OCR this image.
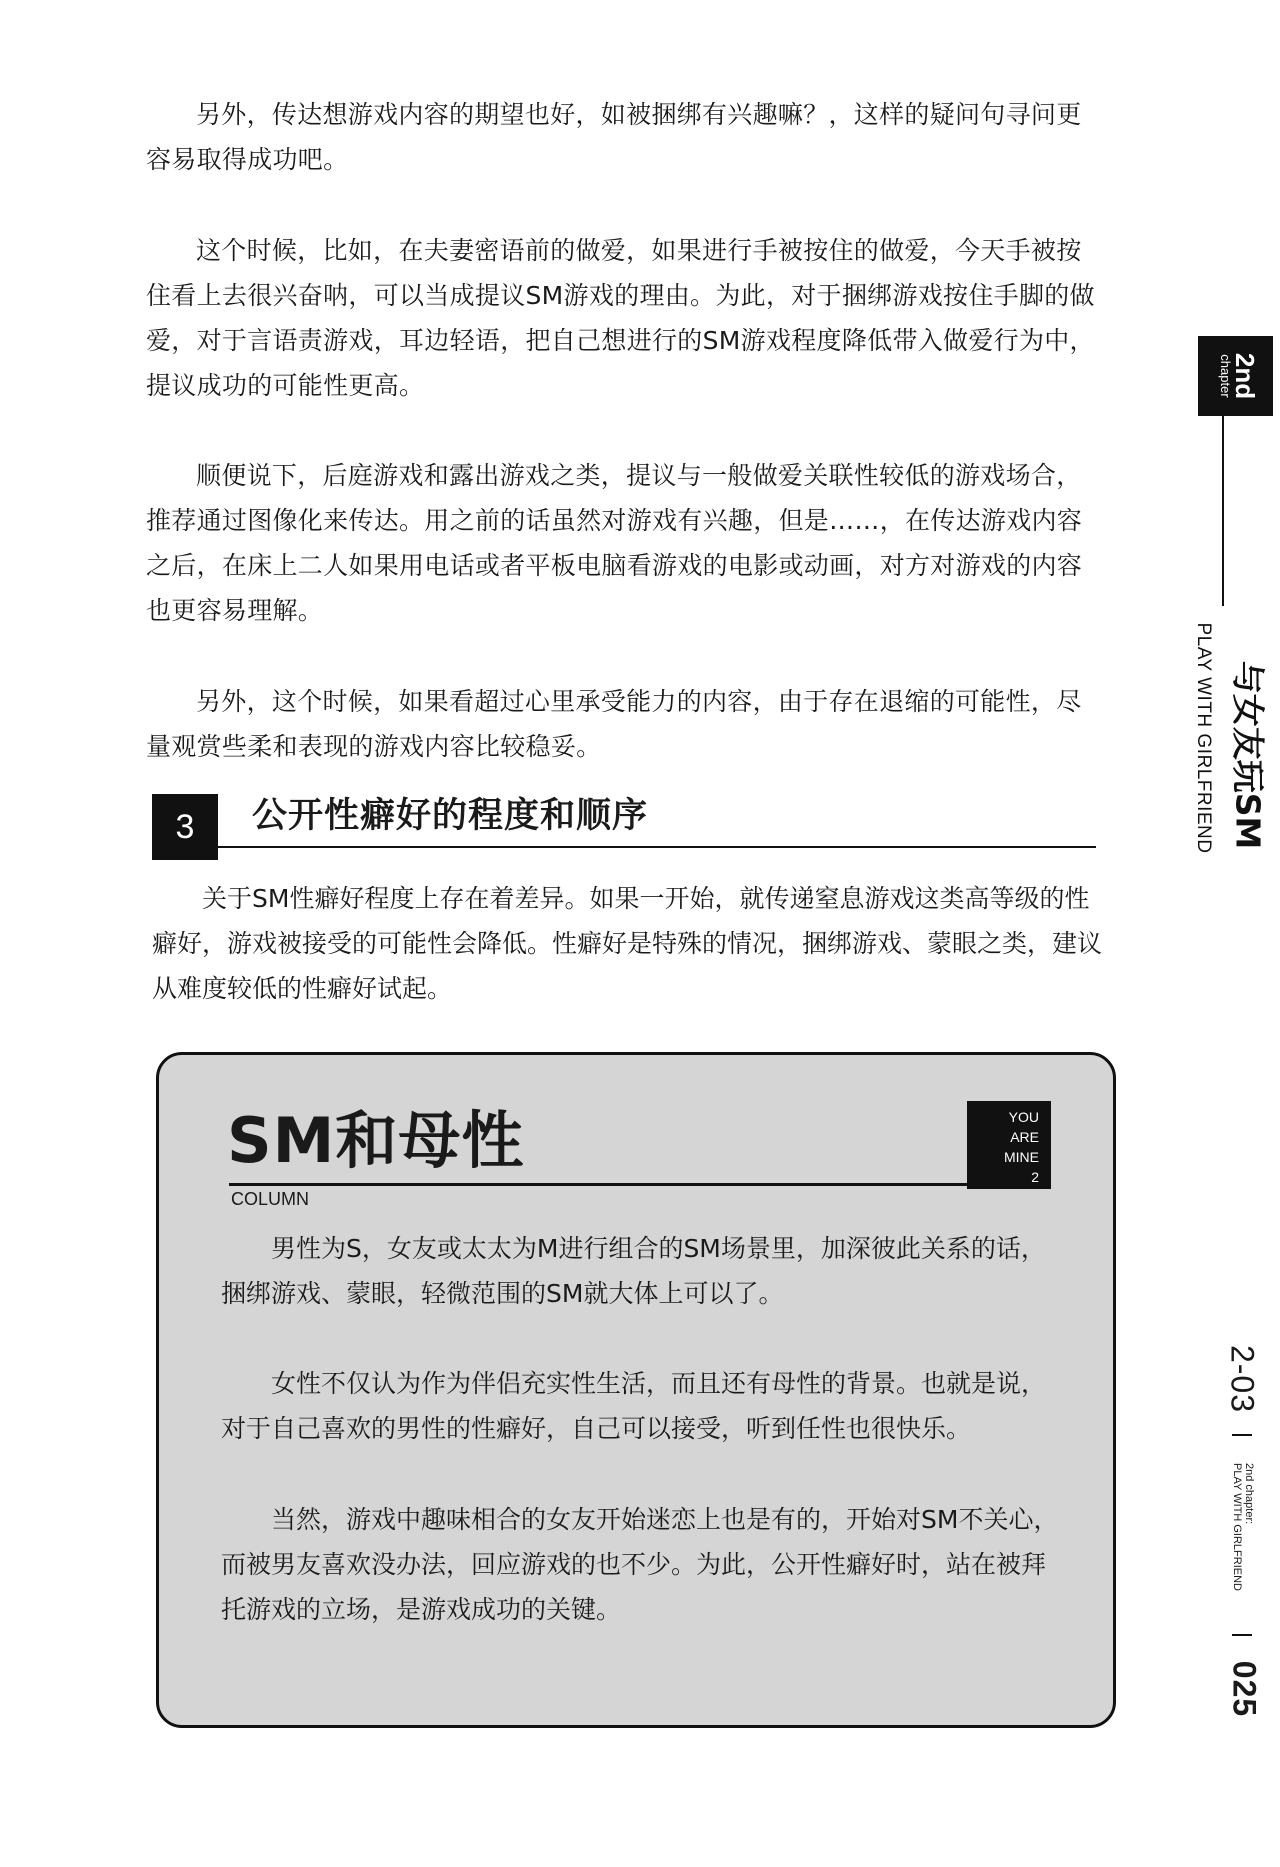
另外，传达想游戏内容的期望也好，如被捆绑有兴趣嘛？，这样的疑问句寻问更容易取得成功吧。

这个时候，比如，在夫妻密语前的做爱，如果进行手被按住的做爱，今天手被按住看上去很兴奋呐，可以当成提议SM游戏的理由。为此，对于捆绑游戏按住手脚的做爱，对于言语责游戏，耳边轻语，把自己想进行的SM游戏程度降低带入做爱行为中，提议成功的可能性更高。

顺便说下，后庭游戏和露出游戏之类，提议与一般做爱关联性较低的游戏场合，推荐通过图像化来传达。用之前的话虽然对游戏有兴趣，但是……，在传达游戏内容之后，在床上二人如果用电话或者平板电脑看游戏的电影或动画，对方对游戏的内容也更容易理解。

另外，这个时候，如果看超过心里承受能力的内容，由于存在退缩的可能性，尽量观赏些柔和表现的游戏内容比较稳妥。

3	公开性癖好的程度和顺序

关于SM性癖好程度上存在着差异。如果一开始，就传递窒息游戏这类高等级的性癖好，游戏被接受的可能性会降低。性癖好是特殊的情况，捆绑游戏、蒙眼之类，建议从难度较低的性癖好试起。

SM和母性	YOU
ARE
MINE
2
COLUMN

男性为S，女友或太太为M进行组合的SM场景里，加深彼此关系的话，捆绑游戏、蒙眼，轻微范围的SM就大体上可以了。

女性不仅认为作为伴侣充实性生活，而且还有母性的背景。也就是说，对于自己喜欢的男性的性癖好，自己可以接受，听到任性也很快乐。

当然，游戏中趣味相合的女友开始迷恋上也是有的，开始对SM不关心，而被男友喜欢没办法，回应游戏的也不少。为此，公开性癖好时，站在被拜托游戏的立场，是游戏成功的关键。

2nd
chapter
与女友玩SM
PLAY WITH GIRLFRIEND
2-03
2nd chapter:
PLAY WITH GIRLFRIEND
025
